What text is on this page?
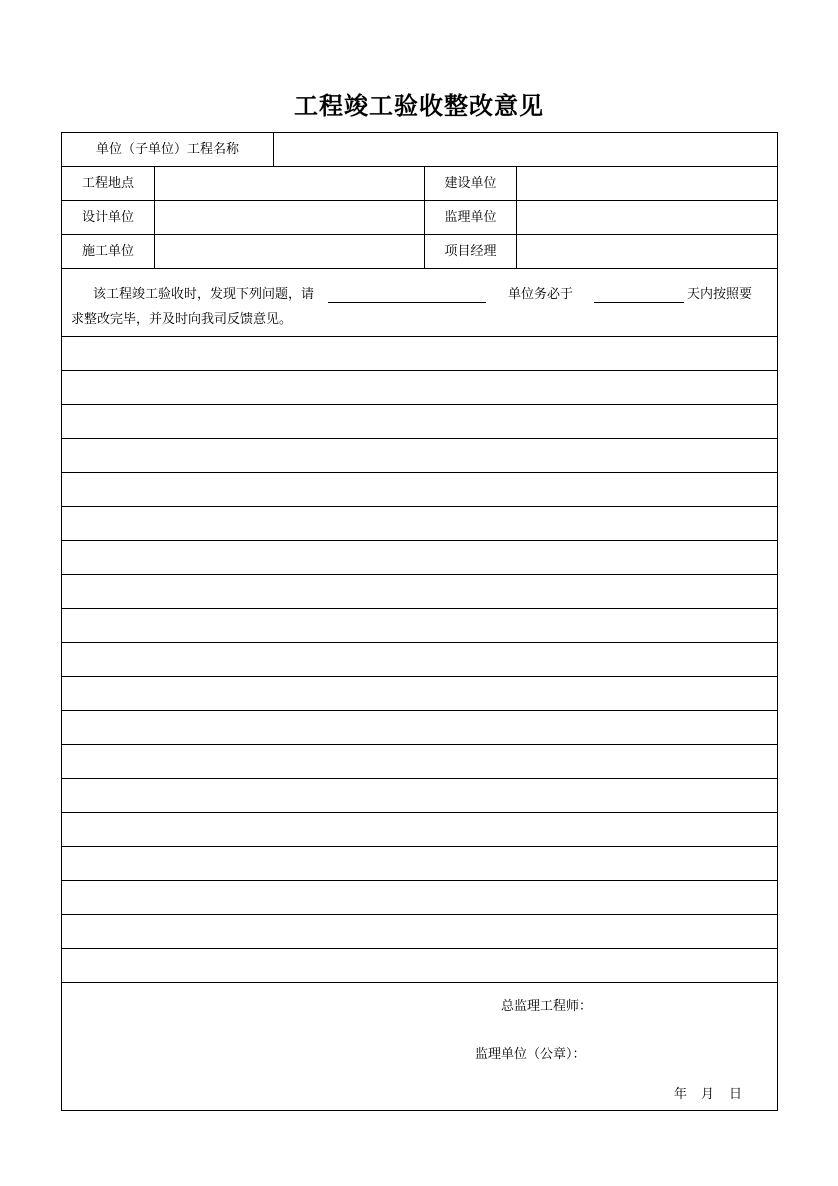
工程竣工验收整改意见
单位（子单位）工程名称
工程地点	建设单位
设计单位	监理单位
施工单位	项目经理
该工程竣工验收时，发现下列问题，请	单位务必于	天内按照要
求整改完毕，并及时向我司反馈意见。
总监理工程师：
监理单位（公章）：
年 月 日
